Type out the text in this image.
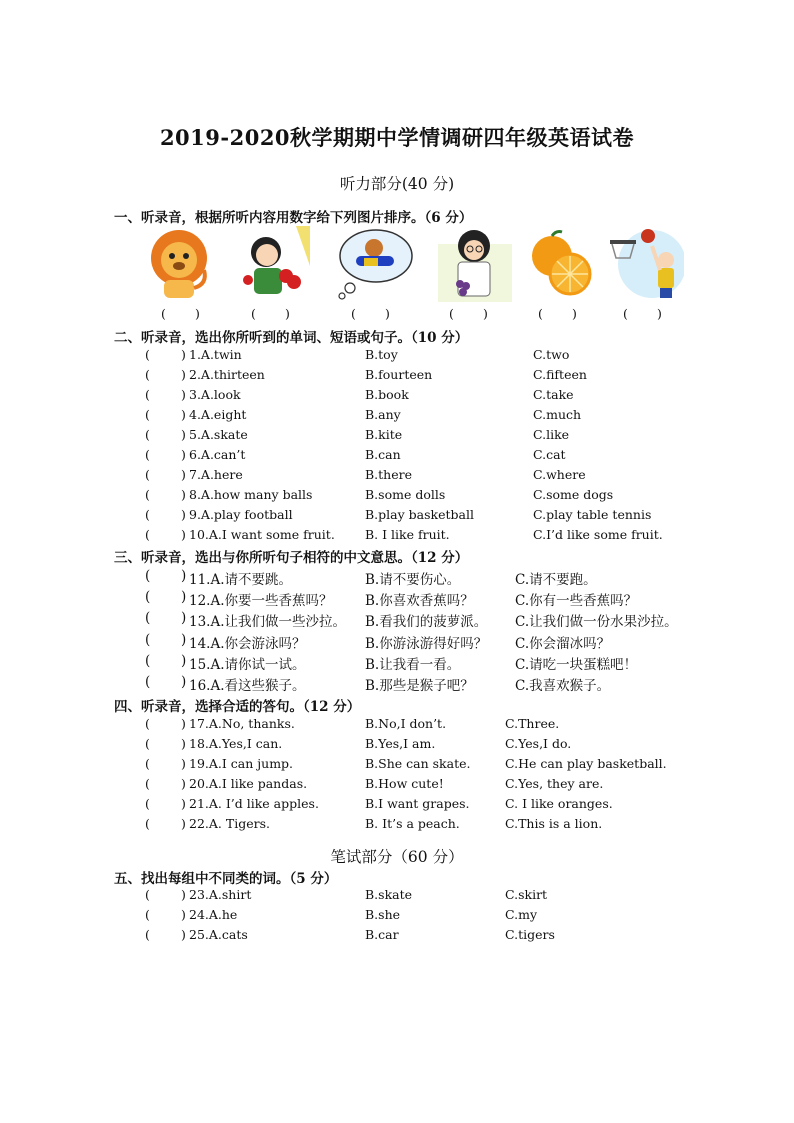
2019-2020秋学期期中学情调研四年级英语试卷
听力部分(40 分)
一、听录音，根据所听内容用数字给下列图片排序。（6 分）
二、听录音，选出你所听到的单词、短语或句子。（10 分）
1.A.twin	B.toy	C.two
2.A.thirteen	B.fourteen	C.fifteen
3.A.look	B.book	C.take
4.A.eight	B.any	C.much
5.A.skate	B.kite	C.like
6.A.can’t	B.can	C.cat
7.A.here	B.there	C.where
8.A.how many balls	B.some dolls	C.some dogs
9.A.play football	B.play basketball	C.play table tennis
10.A.I want some fruit. B. I like fruit.	C.I’d like some fruit.
三、听录音，选出与你所听句子相符的中文意思。（12 分）
11.A.请不要跳。	B.请不要伤心。	C.请不要跑。
12.A.你要一些香蕉吗？ B.你喜欢香蕉吗？	C.你有一些香蕉吗？
13.A.让我们做一些沙拉。 B.看我们的菠萝派。 C.让我们做一份水果沙拉。
14.A.你会游泳吗？	B.你游泳游得好吗？ C.你会溜冰吗？
15.A.请你试一试。	B.让我看一看。	C.请吃一块蛋糕吧！
16.A.看这些猴子。	B.那些是猴子吧？	C.我喜欢猴子。
四、听录音，选择合适的答句。（12 分）
17.A.No, thanks.	B.No,I don’t.	C.Three.
18.A.Yes,I can.	B.Yes,I am.	C.Yes,I do.
19.A.I can jump.	B.She can skate.	C.He can play basketball.
20.A.I like pandas.	B.How cute!	C.Yes, they are.
21.A. I’d like apples.	B.I want grapes.	C. I like oranges.
22.A. Tigers.	B. It’s a peach.	C.This is a lion.
笔试部分（60 分）
五、找出每组中不同类的词。（5 分）
23.A.shirt	B.skate	C.skirt
24.A.he	B.she	C.my
25.A.cats	B.car	C.tigers
